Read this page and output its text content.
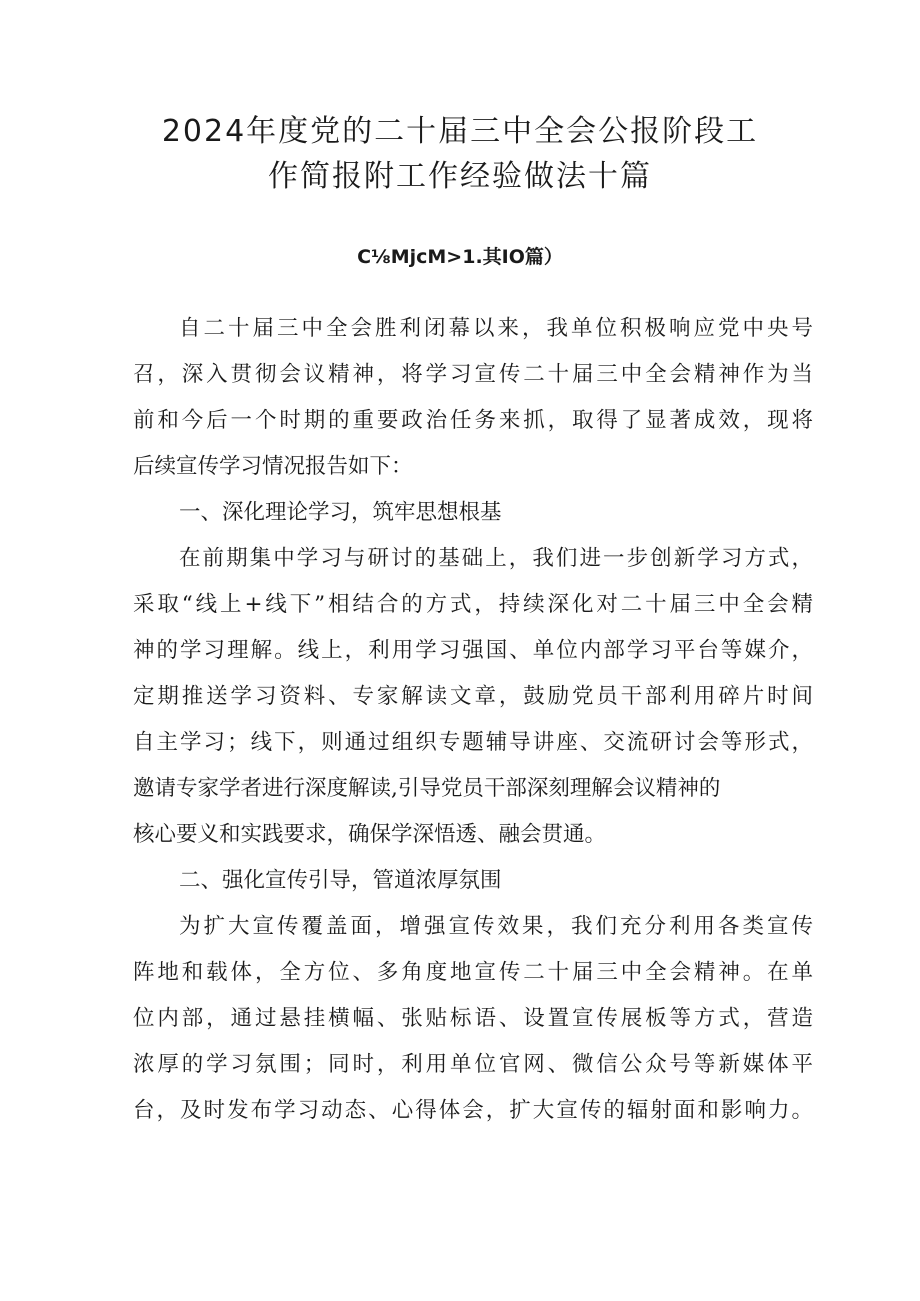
2024年度党的二十届三中全会公报阶段工
作简报附工作经验做法十篇
C⅛MjcM>1.其IO篇）
自二十届三中全会胜利闭幕以来，我单位积极响应党中央号
召，深入贯彻会议精神，将学习宣传二十届三中全会精神作为当
前和今后一个时期的重要政治任务来抓，取得了显著成效，现将
后续宣传学习情况报告如下：
一、深化理论学习，筑牢思想根基
在前期集中学习与研讨的基础上，我们进一步创新学习方式，
采取“线上+线下”相结合的方式，持续深化对二十届三中全会精
神的学习理解。线上，利用学习强国、单位内部学习平台等媒介，
定期推送学习资料、专家解读文章，鼓励党员干部利用碎片时间
自主学习；线下，则通过组织专题辅导讲座、交流研讨会等形式，
邀请专家学者进行深度解读,引导党员干部深刻理解会议精神的
核心要义和实践要求，确保学深悟透、融会贯通。
二、强化宣传引导，管道浓厚氛围
为扩大宣传覆盖面，增强宣传效果，我们充分利用各类宣传
阵地和载体，全方位、多角度地宣传二十届三中全会精神。在单
位内部，通过悬挂横幅、张贴标语、设置宣传展板等方式，营造
浓厚的学习氛围；同时，利用单位官网、微信公众号等新媒体平
台，及时发布学习动态、心得体会，扩大宣传的辐射面和影响力。
